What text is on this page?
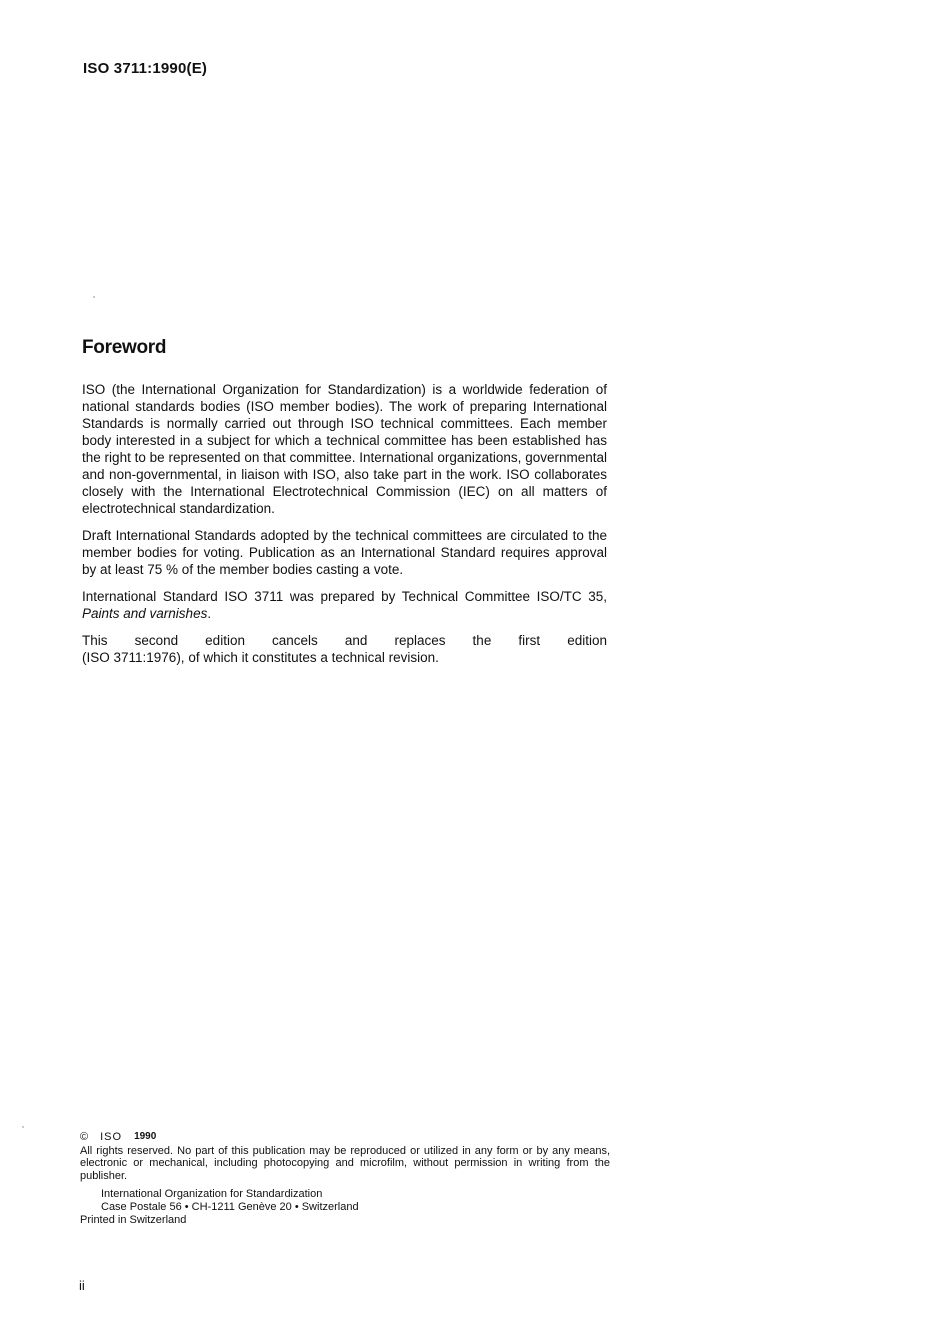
ISO 3711:1990(E)
Foreword

ISO (the International Organization for Standardization) is a worldwide federation of national standards bodies (ISO member bodies). The work of preparing International Standards is normally carried out through ISO technical committees. Each member body interested in a subject for which a technical committee has been established has the right to be represented on that committee. International organizations, governmental and non-governmental, in liaison with ISO, also take part in the work. ISO collaborates closely with the International Electrotechnical Commission (IEC) on all matters of electrotechnical standardization.

Draft International Standards adopted by the technical committees are circulated to the member bodies for voting. Publication as an International Standard requires approval by at least 75 % of the member bodies casting a vote.

International Standard ISO 3711 was prepared by Technical Committee ISO/TC 35, Paints and varnishes.

This second edition cancels and replaces the first edition
(ISO 3711:1976), of which it constitutes a technical revision.

© ISO 1990
All rights reserved. No part of this publication may be reproduced or utilized in any form or by any means, electronic or mechanical, including photocopying and microfilm, without permission in writing from the publisher.
International Organization for Standardization
Case Postale 56 • CH-1211 Genève 20 • Switzerland
Printed in Switzerland
ii
